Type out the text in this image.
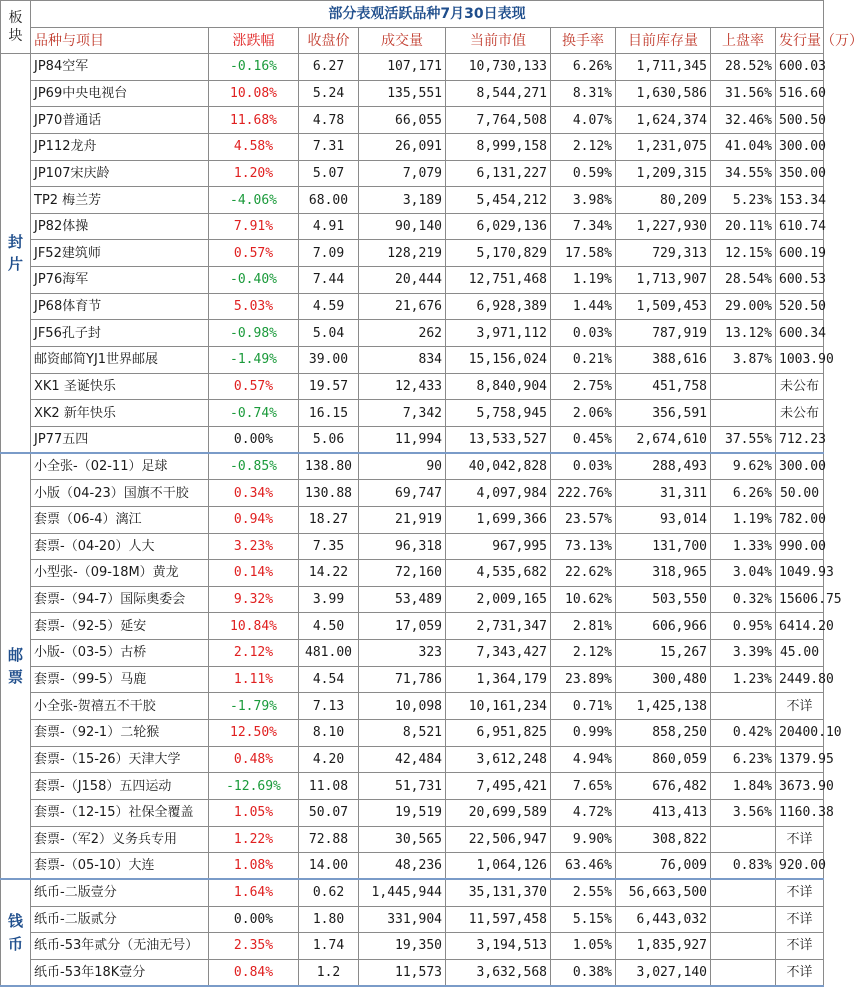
板块	部分表观活跃品种7月30日表现								
	品种与项目	涨跌幅	收盘价	成交量	当前市值	换手率	目前库存量	上盘率	发行量（万）
封片	JP84空军	-0.16%	6.27	107,171	10,730,133	6.26%	1,711,345	28.52%	600.03
	JP69中央电视台	10.08%	5.24	135,551	8,544,271	8.31%	1,630,586	31.56%	516.60
	JP70普通话	11.68%	4.78	66,055	7,764,508	4.07%	1,624,374	32.46%	500.50
	JP112龙舟	4.58%	7.31	26,091	8,999,158	2.12%	1,231,075	41.04%	300.00
	JP107宋庆龄	1.20%	5.07	7,079	6,131,227	0.59%	1,209,315	34.55%	350.00
	TP2 梅兰芳	-4.06%	68.00	3,189	5,454,212	3.98%	80,209	5.23%	153.34
	JP82体操	7.91%	4.91	90,140	6,029,136	7.34%	1,227,930	20.11%	610.74
	JF52建筑师	0.57%	7.09	128,219	5,170,829	17.58%	729,313	12.15%	600.19
	JP76海军	-0.40%	7.44	20,444	12,751,468	1.19%	1,713,907	28.54%	600.53
	JP68体育节	5.03%	4.59	21,676	6,928,389	1.44%	1,509,453	29.00%	520.50
	JF56孔子封	-0.98%	5.04	262	3,971,112	0.03%	787,919	13.12%	600.34
	邮资邮简YJ1世界邮展	-1.49%	39.00	834	15,156,024	0.21%	388,616	3.87%	1003.90
	XK1 圣诞快乐	0.57%	19.57	12,433	8,840,904	2.75%	451,758		未公布
	XK2 新年快乐	-0.74%	16.15	7,342	5,758,945	2.06%	356,591		未公布
	JP77五四	0.00%	5.06	11,994	13,533,527	0.45%	2,674,610	37.55%	712.23
邮票	小全张-（02-11）足球	-0.85%	138.80	90	40,042,828	0.03%	288,493	9.62%	300.00
	小版（04-23）国旗不干胶	0.34%	130.88	69,747	4,097,984	222.76%	31,311	6.26%	50.00
	套票（06-4）漓江	0.94%	18.27	21,919	1,699,366	23.57%	93,014	1.19%	782.00
	套票-（04-20）人大	3.23%	7.35	96,318	967,995	73.13%	131,700	1.33%	990.00
	小型张-（09-18M）黄龙	0.14%	14.22	72,160	4,535,682	22.62%	318,965	3.04%	1049.93
	套票-（94-7）国际奥委会	9.32%	3.99	53,489	2,009,165	10.62%	503,550	0.32%	15606.75
	套票-（92-5）延安	10.84%	4.50	17,059	2,731,347	2.81%	606,966	0.95%	6414.20
	小版-（03-5）古桥	2.12%	481.00	323	7,343,427	2.12%	15,267	3.39%	45.00
	套票-（99-5）马鹿	1.11%	4.54	71,786	1,364,179	23.89%	300,480	1.23%	2449.80
	小全张-贺禧五不干胶	-1.79%	7.13	10,098	10,161,234	0.71%	1,425,138		不详
	套票-（92-1）二轮猴	12.50%	8.10	8,521	6,951,825	0.99%	858,250	0.42%	20400.10
	套票-（15-26）天津大学	0.48%	4.20	42,484	3,612,248	4.94%	860,059	6.23%	1379.95
	套票-（J158）五四运动	-12.69%	11.08	51,731	7,495,421	7.65%	676,482	1.84%	3673.90
	套票-（12-15）社保全覆盖	1.05%	50.07	19,519	20,699,589	4.72%	413,413	3.56%	1160.38
	套票-（军2）义务兵专用	1.22%	72.88	30,565	22,506,947	9.90%	308,822		不详
	套票-（05-10）大连	1.08%	14.00	48,236	1,064,126	63.46%	76,009	0.83%	920.00
钱币	纸币-二版壹分	1.64%	0.62	1,445,944	35,131,370	2.55%	56,663,500		不详
	纸币-二版贰分	0.00%	1.80	331,904	11,597,458	5.15%	6,443,032		不详
	纸币-53年贰分（无油无号）	2.35%	1.74	19,350	3,194,513	1.05%	1,835,927		不详
	纸币-53年18K壹分	0.84%	1.2	11,573	3,632,568	0.38%	3,027,140		不详
